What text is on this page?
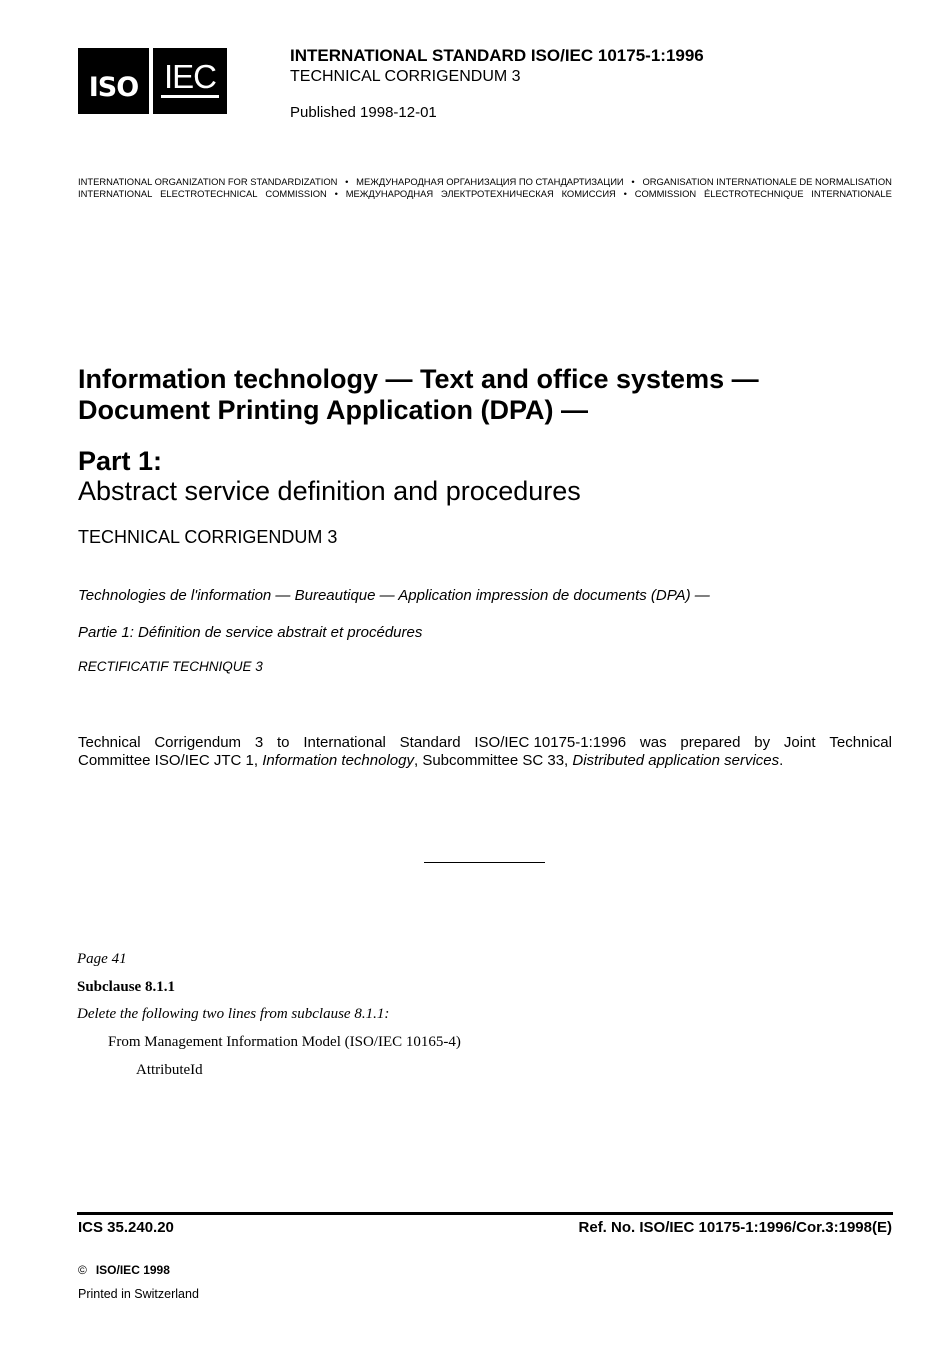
ISO IEC
INTERNATIONAL STANDARD ISO/IEC 10175-1:1996
TECHNICAL CORRIGENDUM 3
Published 1998-12-01
INTERNATIONAL ORGANIZATION FOR STANDARDIZATION • МЕЖДУНАРОДНАЯ ОРГАНИЗАЦИЯ ПО СТАНДАРТИЗАЦИИ • ORGANISATION INTERNATIONALE DE NORMALISATION
INTERNATIONAL ELECTROTECHNICAL COMMISSION • МЕЖДУНАРОДНАЯ ЭЛЕКТРОТЕХНИЧЕСКАЯ КОМИССИЯ • COMMISSION ÉLECTROTECHNIQUE INTERNATIONALE
Information technology — Text and office systems —
Document Printing Application (DPA) —
Part 1:
Abstract service definition and procedures
TECHNICAL CORRIGENDUM 3
Technologies de l'information — Bureautique — Application impression de documents (DPA) —
Partie 1: Définition de service abstrait et procédures
RECTIFICATIF TECHNIQUE 3
Technical Corrigendum 3 to International Standard ISO/IEC 10175-1:1996 was prepared by Joint Technical
Committee ISO/IEC JTC 1, Information technology, Subcommittee SC 33, Distributed application services.
Page 41
Subclause 8.1.1
Delete the following two lines from subclause 8.1.1:
From Management Information Model (ISO/IEC 10165-4)
AttributeId
ICS 35.240.20	Ref. No. ISO/IEC 10175-1:1996/Cor.3:1998(E)
© ISO/IEC 1998
Printed in Switzerland
